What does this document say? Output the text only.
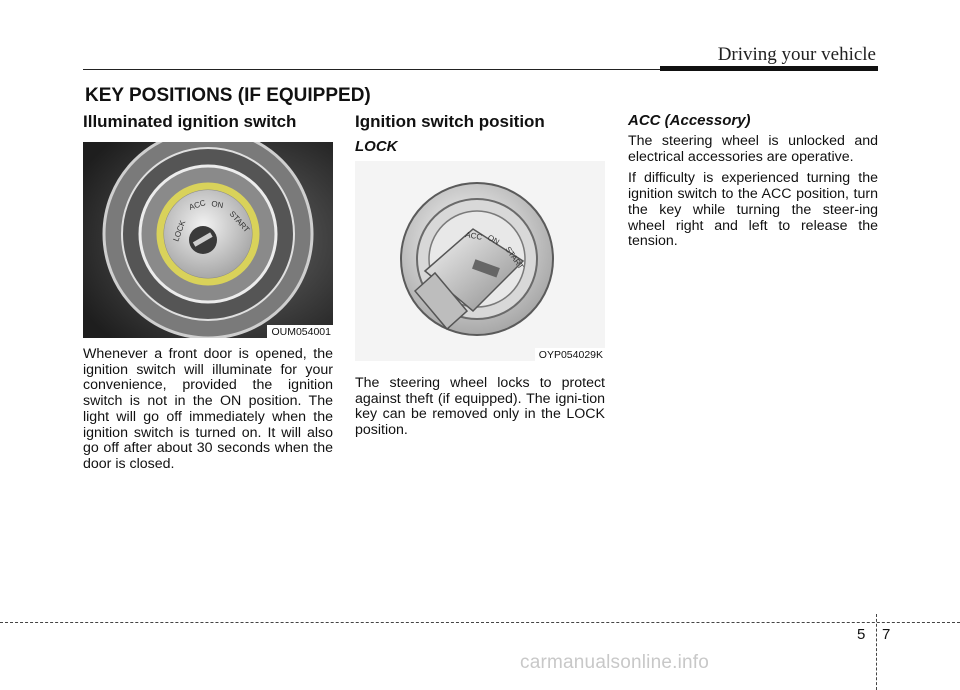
Driving your vehicle
KEY POSITIONS (IF EQUIPPED)
Illuminated ignition switch
LOCK
ACC ON
START
OUM054001

Whenever a front door is opened, the ignition switch will illuminate for your convenience, provided the ignition switch is not in the ON position. The light will go off immediately when the ignition switch is turned on. It will also go off after about 30 seconds when the door is closed.

Ignition switch position
LOCK
ACC ON
START
OYP054029K

The steering wheel locks to protect against theft (if equipped). The igni-tion key can be removed only in the LOCK position.

ACC (Accessory)

The steering wheel is unlocked and electrical accessories are operative.

If difficulty is experienced turning the ignition switch to the ACC position, turn the key while turning the steer-ing wheel right and left to release the tension.

5 7
carmanualsonline.info
